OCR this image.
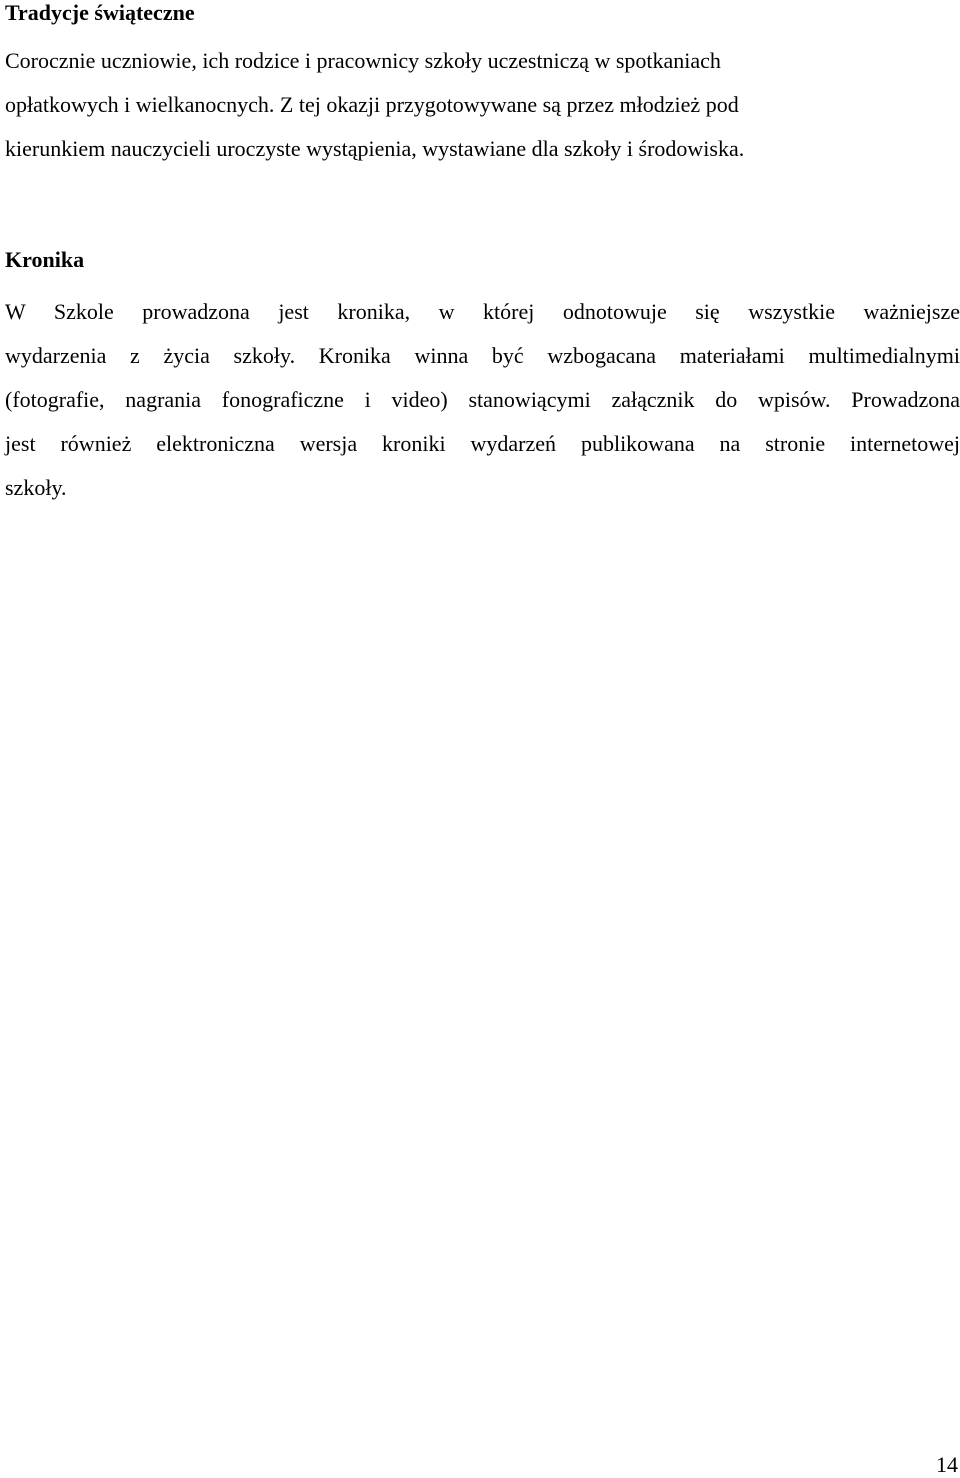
Tradycje świąteczne

Corocznie uczniowie, ich rodzice i pracownicy szkoły uczestniczą w spotkaniach
opłatkowych i wielkanocnych. Z tej okazji przygotowywane są przez młodzież pod
kierunkiem nauczycieli uroczyste wystąpienia, wystawiane dla szkoły i środowiska.

Kronika

W Szkole prowadzona jest kronika, w której odnotowuje się wszystkie ważniejsze
wydarzenia z życia szkoły. Kronika winna być wzbogacana materiałami multimedialnymi
(fotografie, nagrania fonograficzne i video) stanowiącymi załącznik do wpisów. Prowadzona
jest również elektroniczna wersja kroniki wydarzeń publikowana na stronie internetowej
szkoły.

14
